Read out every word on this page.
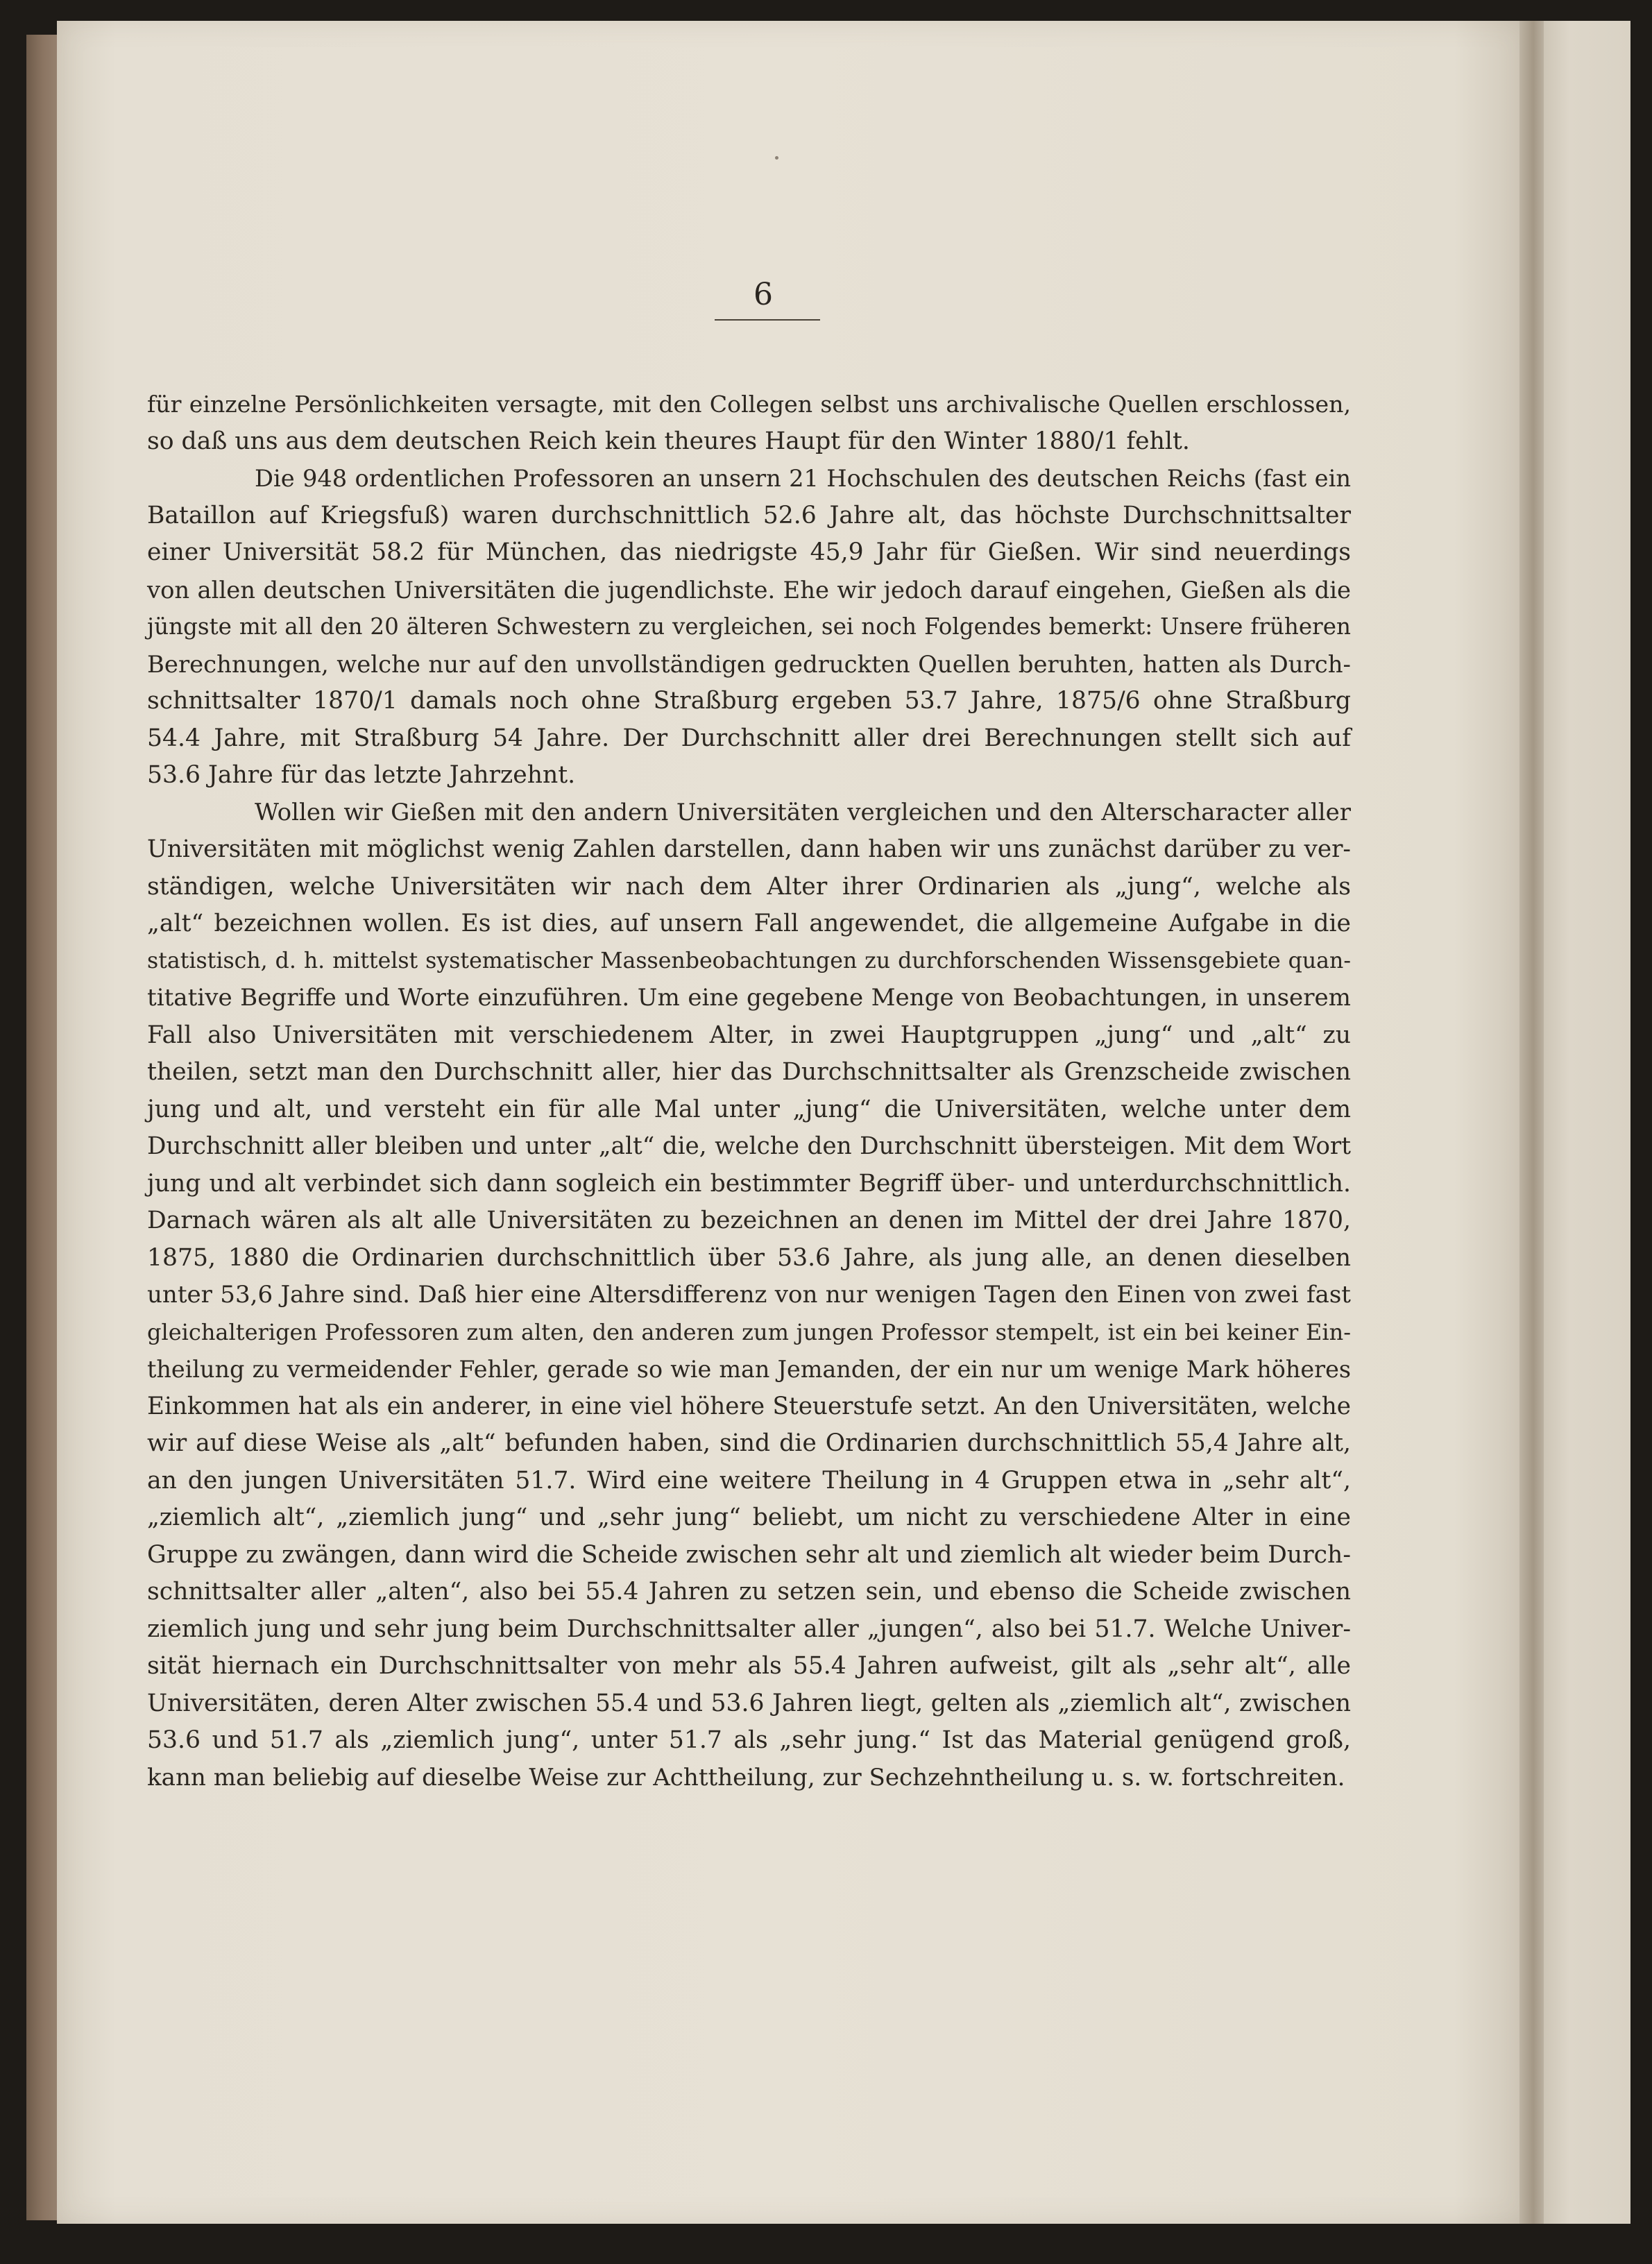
6
für einzelne Persönlichkeiten versagte, mit den Collegen selbst uns archivalische Quellen erschlossen,
so daß uns aus dem deutschen Reich kein theures Haupt für den Winter 1880/1 fehlt.
Die 948 ordentlichen Professoren an unsern 21 Hochschulen des deutschen Reichs (fast ein
Bataillon auf Kriegsfuß) waren durchschnittlich 52.6 Jahre alt, das höchste Durchschnittsalter
einer Universität 58.2 für München, das niedrigste 45,9 Jahr für Gießen. Wir sind neuerdings
von allen deutschen Universitäten die jugendlichste. Ehe wir jedoch darauf eingehen, Gießen als die
jüngste mit all den 20 älteren Schwestern zu vergleichen, sei noch Folgendes bemerkt: Unsere früheren
Berechnungen, welche nur auf den unvollständigen gedruckten Quellen beruhten, hatten als Durch-
schnittsalter 1870/1 damals noch ohne Straßburg ergeben 53.7 Jahre, 1875/6 ohne Straßburg
54.4 Jahre, mit Straßburg 54 Jahre. Der Durchschnitt aller drei Berechnungen stellt sich auf
53.6 Jahre für das letzte Jahrzehnt.
Wollen wir Gießen mit den andern Universitäten vergleichen und den Alterscharacter aller
Universitäten mit möglichst wenig Zahlen darstellen, dann haben wir uns zunächst darüber zu ver-
ständigen, welche Universitäten wir nach dem Alter ihrer Ordinarien als „jung“, welche als
„alt“ bezeichnen wollen. Es ist dies, auf unsern Fall angewendet, die allgemeine Aufgabe in die
statistisch, d. h. mittelst systematischer Massenbeobachtungen zu durchforschenden Wissensgebiete quan-
titative Begriffe und Worte einzuführen. Um eine gegebene Menge von Beobachtungen, in unserem
Fall also Universitäten mit verschiedenem Alter, in zwei Hauptgruppen „jung“ und „alt“ zu
theilen, setzt man den Durchschnitt aller, hier das Durchschnittsalter als Grenzscheide zwischen
jung und alt, und versteht ein für alle Mal unter „jung“ die Universitäten, welche unter dem
Durchschnitt aller bleiben und unter „alt“ die, welche den Durchschnitt übersteigen. Mit dem Wort
jung und alt verbindet sich dann sogleich ein bestimmter Begriff über- und unterdurchschnittlich.
Darnach wären als alt alle Universitäten zu bezeichnen an denen im Mittel der drei Jahre 1870,
1875, 1880 die Ordinarien durchschnittlich über 53.6 Jahre, als jung alle, an denen dieselben
unter 53,6 Jahre sind. Daß hier eine Altersdifferenz von nur wenigen Tagen den Einen von zwei fast
gleichalterigen Professoren zum alten, den anderen zum jungen Professor stempelt, ist ein bei keiner Ein-
theilung zu vermeidender Fehler, gerade so wie man Jemanden, der ein nur um wenige Mark höheres
Einkommen hat als ein anderer, in eine viel höhere Steuerstufe setzt. An den Universitäten, welche
wir auf diese Weise als „alt“ befunden haben, sind die Ordinarien durchschnittlich 55,4 Jahre alt,
an den jungen Universitäten 51.7. Wird eine weitere Theilung in 4 Gruppen etwa in „sehr alt“,
„ziemlich alt“, „ziemlich jung“ und „sehr jung“ beliebt, um nicht zu verschiedene Alter in eine
Gruppe zu zwängen, dann wird die Scheide zwischen sehr alt und ziemlich alt wieder beim Durch-
schnittsalter aller „alten“, also bei 55.4 Jahren zu setzen sein, und ebenso die Scheide zwischen
ziemlich jung und sehr jung beim Durchschnittsalter aller „jungen“, also bei 51.7. Welche Univer-
sität hiernach ein Durchschnittsalter von mehr als 55.4 Jahren aufweist, gilt als „sehr alt“, alle
Universitäten, deren Alter zwischen 55.4 und 53.6 Jahren liegt, gelten als „ziemlich alt“, zwischen
53.6 und 51.7 als „ziemlich jung“, unter 51.7 als „sehr jung.“ Ist das Material genügend groß,
kann man beliebig auf dieselbe Weise zur Achttheilung, zur Sechzehntheilung u. s. w. fortschreiten.
